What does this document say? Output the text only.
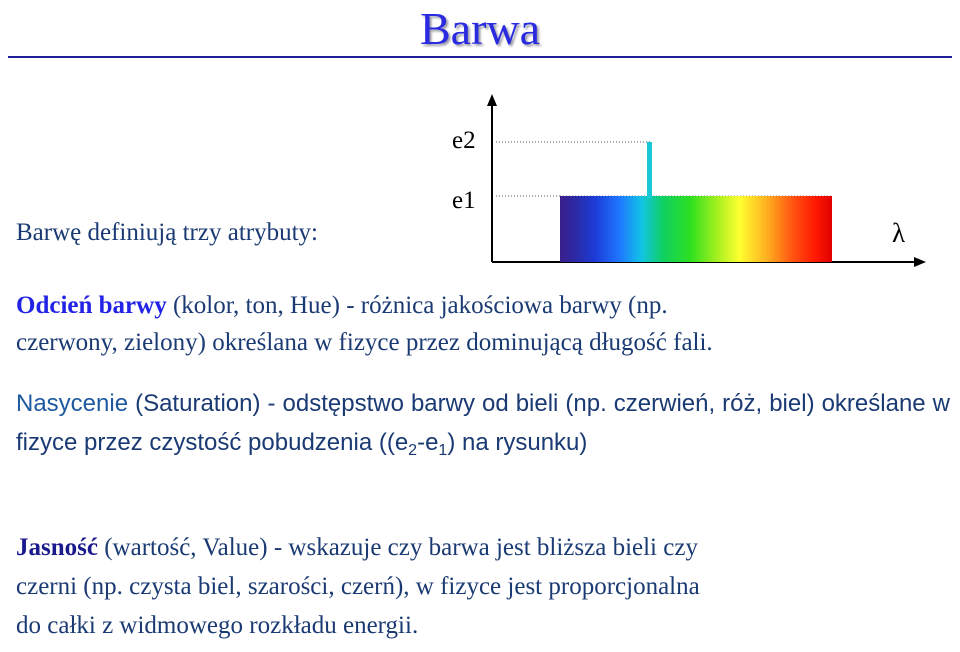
Barwa
Barwę definiują trzy atrybuty:
e2
e1
λ
Odcień barwy (kolor, ton, Hue) - różnica jakościowa barwy (np.
czerwony, zielony) określana w fizyce przez dominującą długość fali.
Nasycenie (Saturation) - odstępstwo barwy od bieli (np. czerwień, róż, biel) określane w fizyce przez czystość pobudzenia ($(e_2-e_1)$ na rysunku)
Jasność (wartość, Value) - wskazuje czy barwa jest bliższa bieli czy
czerni (np. czysta biel, szarości, czerń), w fizyce jest proporcjonalna
do całki z widmowego rozkładu energii.
